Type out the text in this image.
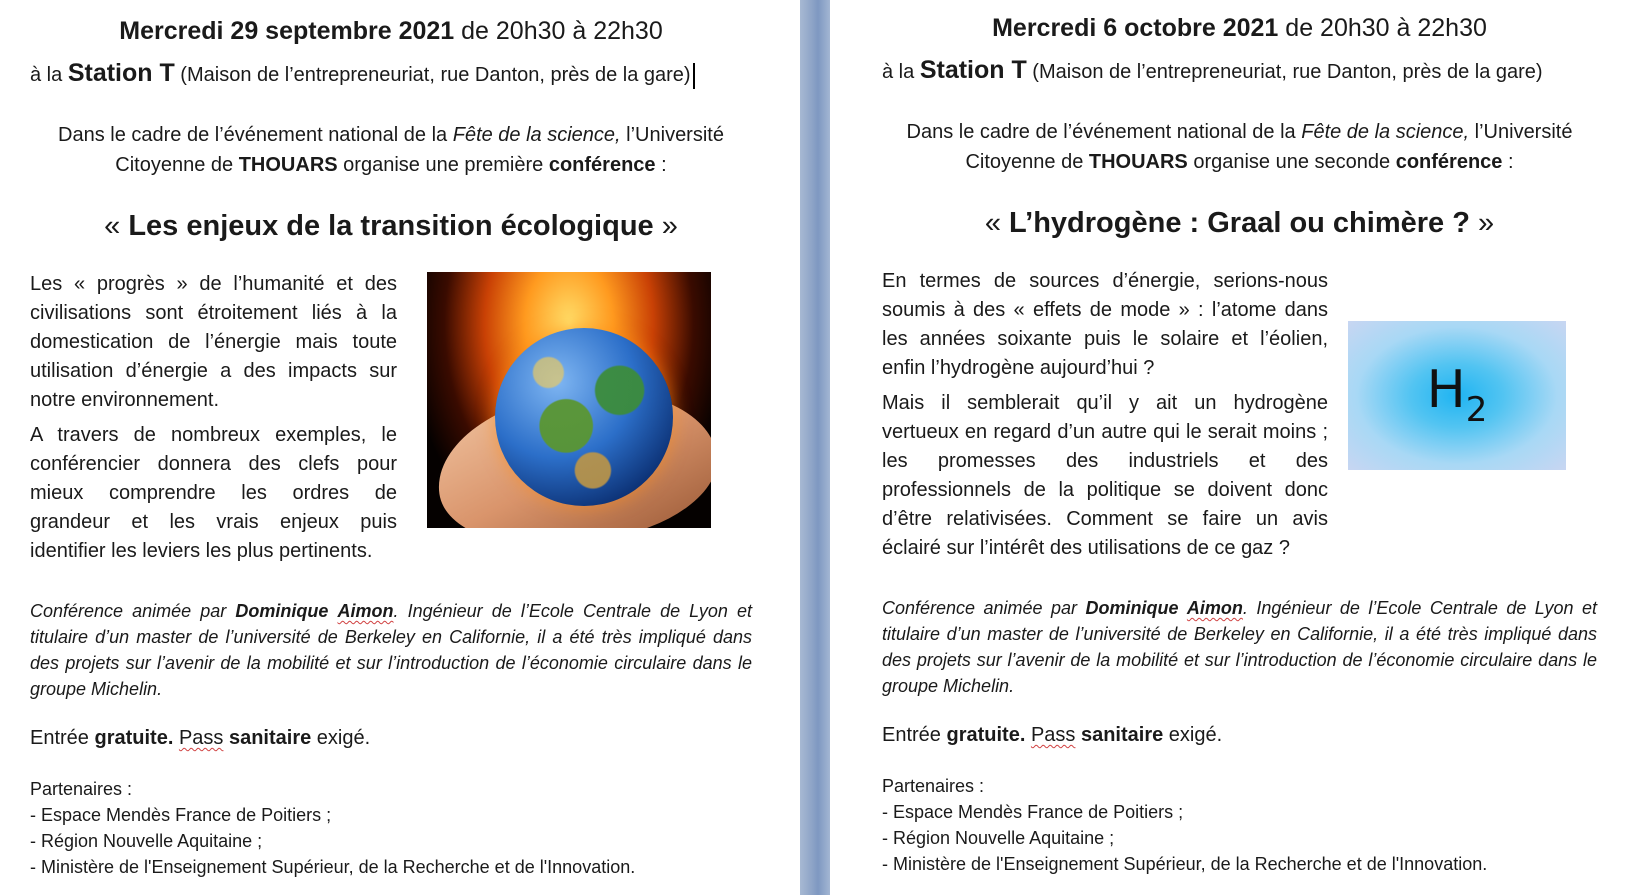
Mercredi 29 septembre 2021 de 20h30 à 22h30

à la Station T (Maison de l’entrepreneuriat, rue Danton, près de la gare)

Dans le cadre de l’événement national de la Fête de la science, l’Université Citoyenne de THOUARS organise une première conférence :

« Les enjeux de la transition écologique »

Les « progrès » de l’humanité et des civilisations sont étroitement liés à la domestication de l’énergie mais toute utilisation d’énergie a des impacts sur notre environnement.

A travers de nombreux exemples, le conférencier donnera des clefs pour mieux comprendre les ordres de grandeur et les vrais enjeux puis identifier les leviers les plus pertinents.

Conférence animée par Dominique Aimon. Ingénieur de l’Ecole Centrale de Lyon et titulaire d’un master de l’université de Berkeley en Californie, il a été très impliqué dans des projets sur l’avenir de la mobilité et sur l’introduction de l’économie circulaire dans le groupe Michelin.

Entrée gratuite. Pass sanitaire exigé.

Partenaires :
- Espace Mendès France de Poitiers ;
- Région Nouvelle Aquitaine ;
- Ministère de l'Enseignement Supérieur, de la Recherche et de l'Innovation.

Mercredi 6 octobre 2021 de 20h30 à 22h30

à la Station T (Maison de l’entrepreneuriat, rue Danton, près de la gare)

Dans le cadre de l’événement national de la Fête de la science, l’Université Citoyenne de THOUARS organise une seconde conférence :

« L’hydrogène : Graal ou chimère ? »

En termes de sources d’énergie, serions-nous soumis à des « effets de mode » : l’atome dans les années soixante puis le solaire et l’éolien, enfin l’hydrogène aujourd’hui ?

Mais il semblerait qu’il y ait un hydrogène vertueux en regard d’un autre qui le serait moins ; les promesses des industriels et des professionnels de la politique se doivent donc d’être relativisées. Comment se faire un avis éclairé sur l’intérêt des utilisations de ce gaz ?

$H_2$

Conférence animée par Dominique Aimon. Ingénieur de l’Ecole Centrale de Lyon et titulaire d’un master de l’université de Berkeley en Californie, il a été très impliqué dans des projets sur l’avenir de la mobilité et sur l’introduction de l’économie circulaire dans le groupe Michelin.

Entrée gratuite. Pass sanitaire exigé.

Partenaires :
- Espace Mendès France de Poitiers ;
- Région Nouvelle Aquitaine ;
- Ministère de l'Enseignement Supérieur, de la Recherche et de l'Innovation.
